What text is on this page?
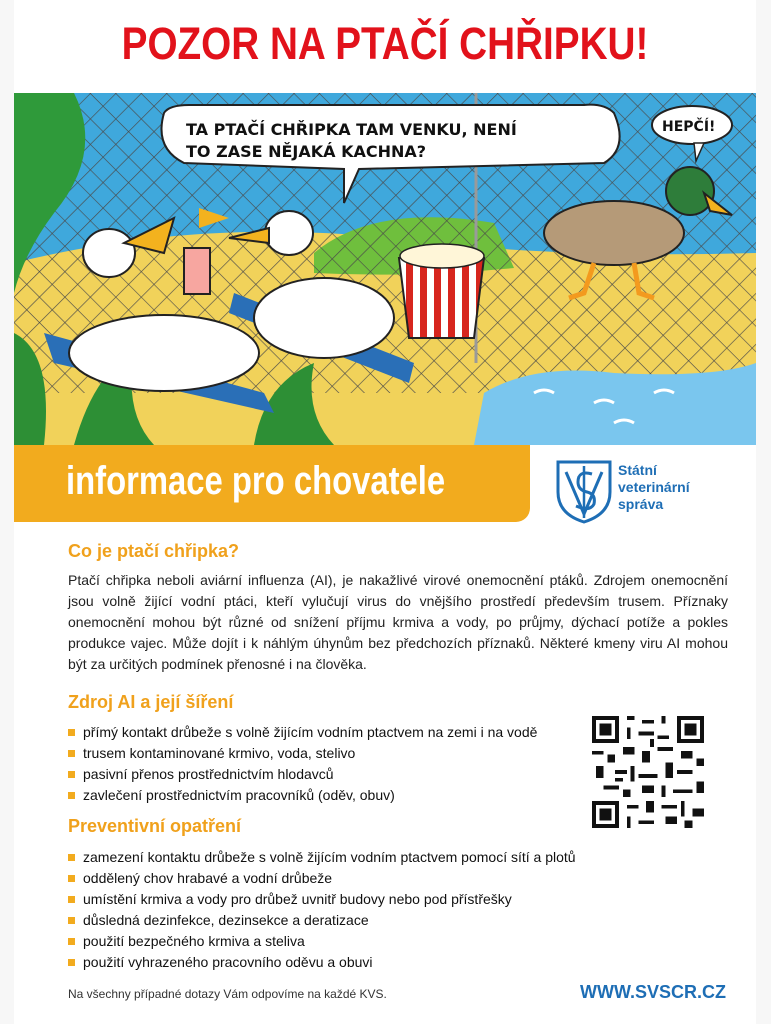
POZOR NA PTAČÍ CHŘIPKU!
TA PTAČÍ CHŘIPKA TAM VENKU, NENÍ
TO ZASE NĚJAKÁ KACHNA?
HEPČÍ!
informace pro chovatele	Státní
veterinární
správa
Co je ptačí chřipka?

Ptačí chřipka neboli aviární influenza (AI), je nakažlivé virové onemocnění ptáků. Zdrojem onemocnění jsou volně žijící vodní ptáci, kteří vylučují virus do vnějšího prostředí především trusem. Příznaky onemocnění mohou být různé od snížení příjmu krmiva a vody, po průjmy, dýchací potíže a pokles produkce vajec. Může dojít i k náhlým úhynům bez předchozích příznaků. Některé kmeny viru AI mohou být za určitých podmínek přenosné i na člověka.

Zdroj AI a její šíření
přímý kontakt drůbeže s volně žijícím vodním ptactvem na zemi i na vodě
trusem kontaminované krmivo, voda, stelivo
pasivní přenos prostřednictvím hlodavců
zavlečení prostřednictvím pracovníků (oděv, obuv)
Preventivní opatření
zamezení kontaktu drůbeže s volně žijícím vodním ptactvem pomocí sítí a plotů
oddělený chov hrabavé a vodní drůbeže
umístění krmiva a vody pro drůbež uvnitř budovy nebo pod přístřešky
důsledná dezinfekce, dezinsekce a deratizace
použití bezpečného krmiva a steliva
použití vyhrazeného pracovního oděvu a obuvi

Na všechny případné dotazy Vám odpovíme na každé KVS.	WWW.SVSCR.CZ
